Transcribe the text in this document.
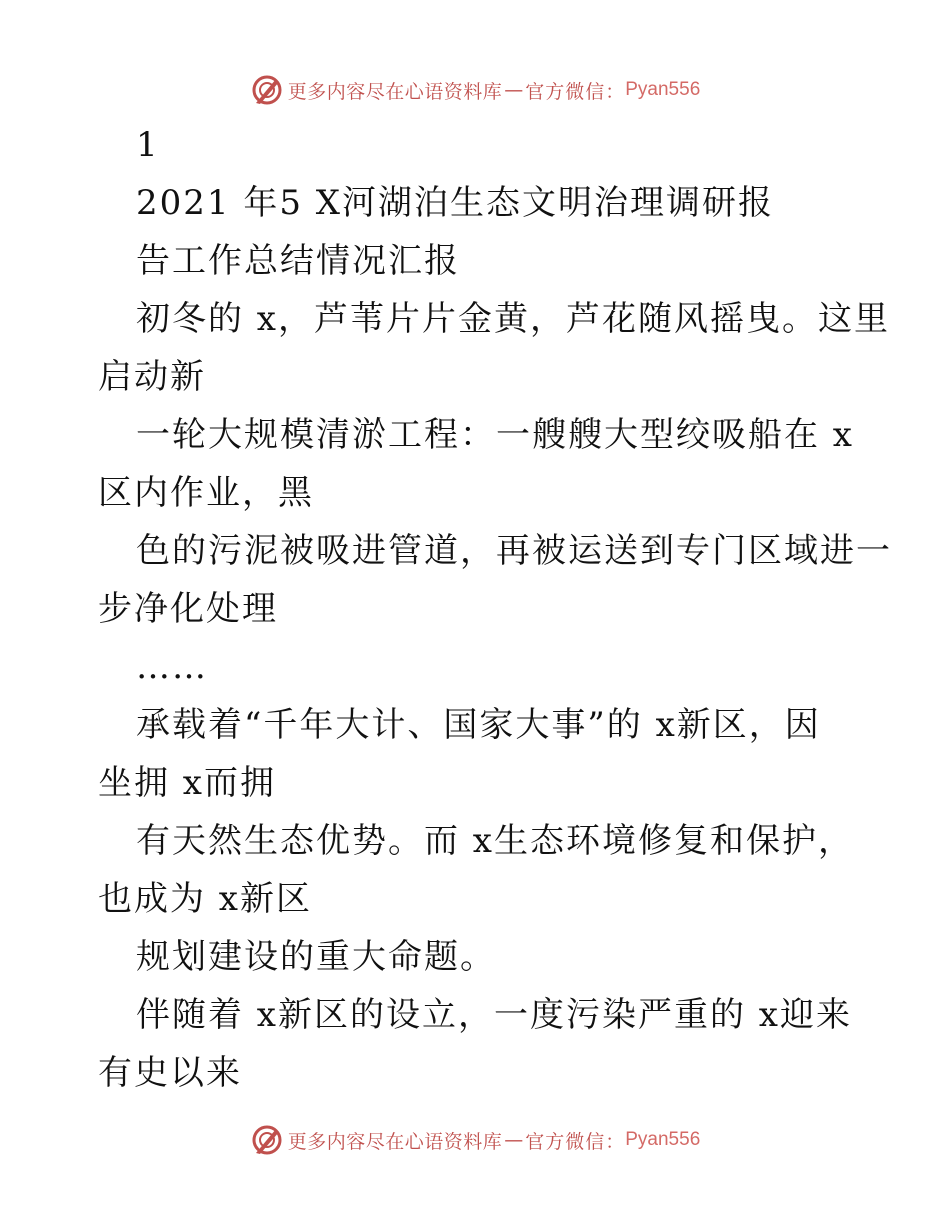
更多内容尽在心语资料库 — 官方微信： Pyan556
1
2021 年5 X河湖泊生态文明治理调研报
告工作总结情况汇报
初冬的 x，芦苇片片金黄，芦花随风摇曳。这里
启动新
一轮大规模清淤工程：一艘艘大型绞吸船在 x
区内作业，黑
色的污泥被吸进管道，再被运送到专门区域进一
步净化处理
……
承载着“千年大计、国家大事”的 x新区，因
坐拥 x而拥
有天然生态优势。而 x生态环境修复和保护，
也成为 x新区
规划建设的重大命题。
伴随着 x新区的设立，一度污染严重的 x迎来
有史以来
更多内容尽在心语资料库 — 官方微信： Pyan556
